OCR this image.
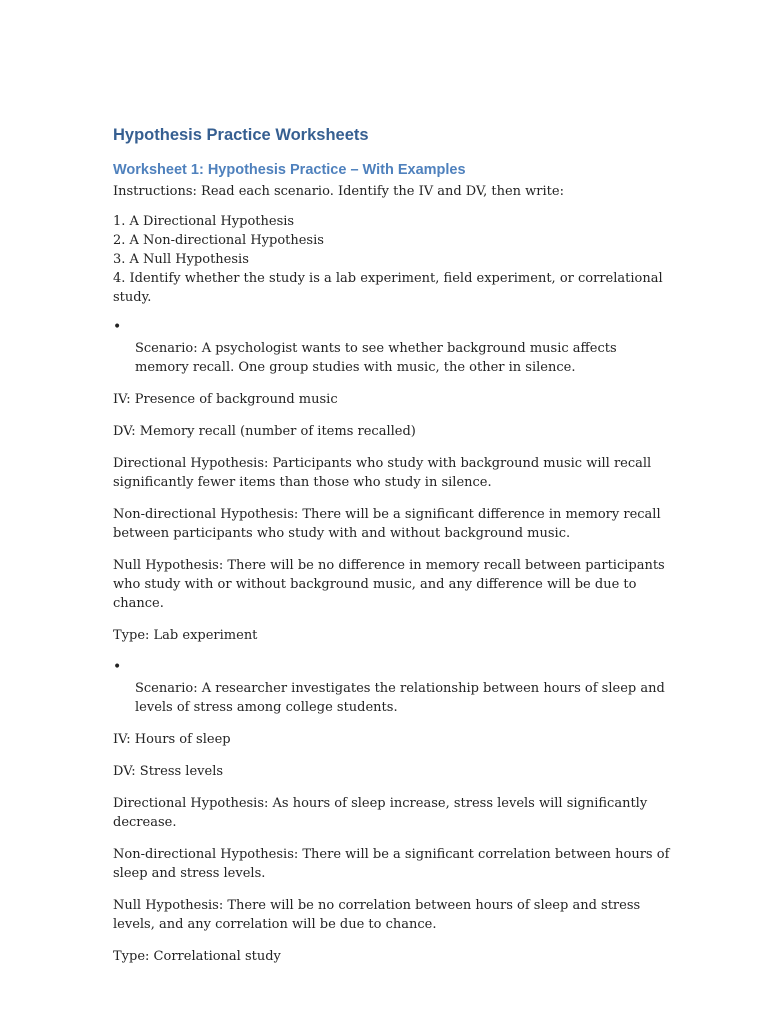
Hypothesis Practice Worksheets
Worksheet 1: Hypothesis Practice – With Examples

Instructions: Read each scenario. Identify the IV and DV, then write:

1. A Directional Hypothesis
2. A Non-directional Hypothesis
3. A Null Hypothesis
4. Identify whether the study is a lab experiment, field experiment, or correlational study.
•

Scenario: A psychologist wants to see whether background music affects memory recall. One group studies with music, the other in silence.

IV: Presence of background music

DV: Memory recall (number of items recalled)

Directional Hypothesis: Participants who study with background music will recall significantly fewer items than those who study in silence.

Non-directional Hypothesis: There will be a significant difference in memory recall between participants who study with and without background music.

Null Hypothesis: There will be no difference in memory recall between participants who study with or without background music, and any difference will be due to chance.

Type: Lab experiment

•

Scenario: A researcher investigates the relationship between hours of sleep and levels of stress among college students.

IV: Hours of sleep

DV: Stress levels

Directional Hypothesis: As hours of sleep increase, stress levels will significantly decrease.

Non-directional Hypothesis: There will be a significant correlation between hours of sleep and stress levels.

Null Hypothesis: There will be no correlation between hours of sleep and stress levels, and any correlation will be due to chance.

Type: Correlational study
